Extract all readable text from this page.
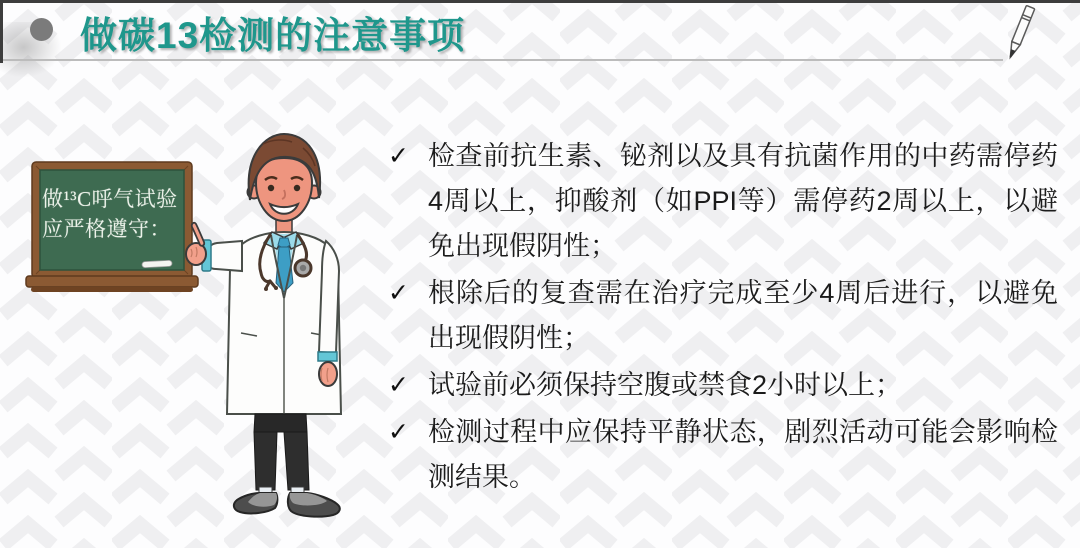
做碳13检测的注意事项
做¹³C呼气试验
应严格遵守：
✓ 检查前抗生素、铋剂以及具有抗菌作用的中药需停药4周以上，抑酸剂（如PPI等）需停药2周以上，以避免出现假阴性；
✓ 根除后的复查需在治疗完成至少4周后进行，以避免出现假阴性；
✓ 试验前必须保持空腹或禁食2小时以上；
✓ 检测过程中应保持平静状态，剧烈活动可能会影响检测结果。
